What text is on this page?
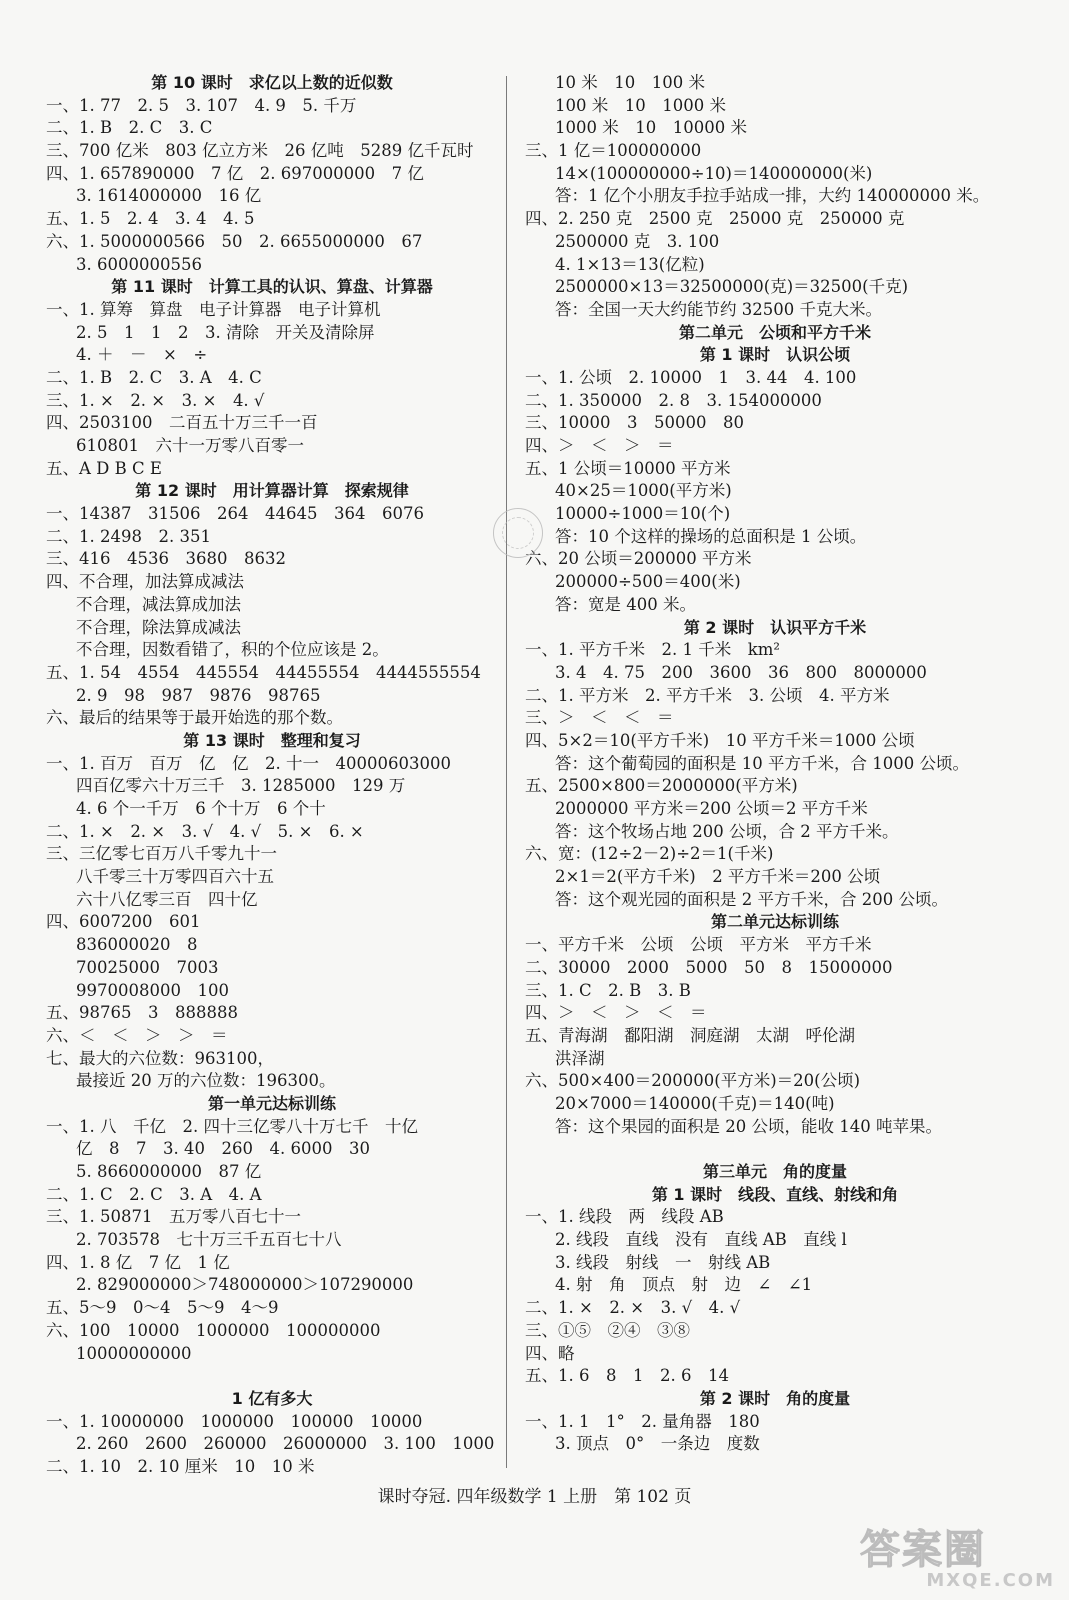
第 10 课时　求亿以上数的近似数
一、1. 77　2. 5　3. 107　4. 9　5. 千万
二、1. B　2. C　3. C
三、700 亿米　803 亿立方米　26 亿吨　5289 亿千瓦时
四、1. 657890000　7 亿　2. 697000000　7 亿
3. 1614000000　16 亿
五、1. 5　2. 4　3. 4　4. 5
六、1. 5000000566　50　2. 6655000000　67
3. 6000000556
第 11 课时　计算工具的认识、算盘、计算器
一、1. 算筹　算盘　电子计算器　电子计算机
2. 5　1　1　2　3. 清除　开关及清除屏
4. ＋　－　×　÷
二、1. B　2. C　3. A　4. C
三、1. ×　2. ×　3. ×　4. √
四、2503100　二百五十万三千一百
610801　六十一万零八百零一
五、A D B C E
第 12 课时　用计算器计算　探索规律
一、14387　31506　264　44645　364　6076
二、1. 2498　2. 351
三、416　4536　3680　8632
四、不合理，加法算成减法
不合理，减法算成加法
不合理，除法算成减法
不合理，因数看错了，积的个位应该是 2。
五、1. 54　4554　445554　44455554　4444555554
2. 9　98　987　9876　98765
六、最后的结果等于最开始选的那个数。
第 13 课时　整理和复习
一、1. 百万　百万　亿　亿　2. 十一　40000603000
四百亿零六十万三千　3. 1285000　129 万
4. 6 个一千万　6 个十万　6 个十
二、1. ×　2. ×　3. √　4. √　5. ×　6. ×
三、三亿零七百万八千零九十一
八千零三十万零四百六十五
六十八亿零三百　四十亿
四、6007200　601
836000020　8
70025000　7003
9970008000　100
五、98765　3　888888
六、＜　＜　＞　＞　＝
七、最大的六位数：963100，
最接近 20 万的六位数：196300。
第一单元达标训练
一、1. 八　千亿　2. 四十三亿零八十万七千　十亿
亿　8　7　3. 40　260　4. 6000　30
5. 8660000000　87 亿
二、1. C　2. C　3. A　4. A
三、1. 50871　五万零八百七十一
2. 703578　七十万三千五百七十八
四、1. 8 亿　7 亿　1 亿
2. 829000000＞748000000＞107290000
五、5～9　0～4　5～9　4～9
六、100　10000　1000000　100000000
10000000000
1 亿有多大
一、1. 10000000　1000000　100000　10000
2. 260　2600　260000　26000000　3. 100　1000
二、1. 10　2. 10 厘米　10　10 米
10 米　10　100 米
100 米　10　1000 米
1000 米　10　10000 米
三、1 亿＝100000000
14×(100000000÷10)＝140000000(米)
答：1 亿个小朋友手拉手站成一排，大约 140000000 米。
四、2. 250 克　2500 克　25000 克　250000 克
2500000 克　3. 100
4. 1×13＝13(亿粒)
2500000×13＝32500000(克)＝32500(千克)
答：全国一天大约能节约 32500 千克大米。
第二单元　公顷和平方千米
第 1 课时　认识公顷
一、1. 公顷　2. 10000　1　3. 44　4. 100
二、1. 350000　2. 8　3. 154000000
三、10000　3　50000　80
四、＞　＜　＞　＝
五、1 公顷＝10000 平方米
40×25＝1000(平方米)
10000÷1000＝10(个)
答：10 个这样的操场的总面积是 1 公顷。
六、20 公顷＝200000 平方米
200000÷500＝400(米)
答：宽是 400 米。
第 2 课时　认识平方千米
一、1. 平方千米　2. 1 千米　km²
3. 4　4. 75　200　3600　36　800　8000000
二、1. 平方米　2. 平方千米　3. 公顷　4. 平方米
三、＞　＜　＜　＝
四、5×2＝10(平方千米)　10 平方千米＝1000 公顷
答：这个葡萄园的面积是 10 平方千米，合 1000 公顷。
五、2500×800＝2000000(平方米)
2000000 平方米＝200 公顷＝2 平方千米
答：这个牧场占地 200 公顷，合 2 平方千米。
六、宽：(12÷2－2)÷2＝1(千米)
2×1＝2(平方千米)　2 平方千米＝200 公顷
答：这个观光园的面积是 2 平方千米，合 200 公顷。
第二单元达标训练
一、平方千米　公顷　公顷　平方米　平方千米
二、30000　2000　5000　50　8　15000000
三、1. C　2. B　3. B
四、＞　＜　＞　＜　＝
五、青海湖　鄱阳湖　洞庭湖　太湖　呼伦湖
洪泽湖
六、500×400＝200000(平方米)＝20(公顷)
20×7000＝140000(千克)＝140(吨)
答：这个果园的面积是 20 公顷，能收 140 吨苹果。
第三单元　角的度量
第 1 课时　线段、直线、射线和角
一、1. 线段　两　线段 AB
2. 线段　直线　没有　直线 AB　直线 l
3. 线段　射线　一　射线 AB
4. 射　角　顶点　射　边　∠　∠1
二、1. ×　2. ×　3. √　4. √
三、①⑤　②④　③⑧
四、略
五、1. 6　8　1　2. 6　14
第 2 课时　角的度量
一、1. 1　1°　2. 量角器　180
3. 顶点　0°　一条边　度数
课时夺冠. 四年级数学 1 上册　第 102 页
答案圈
MXQE.COM
